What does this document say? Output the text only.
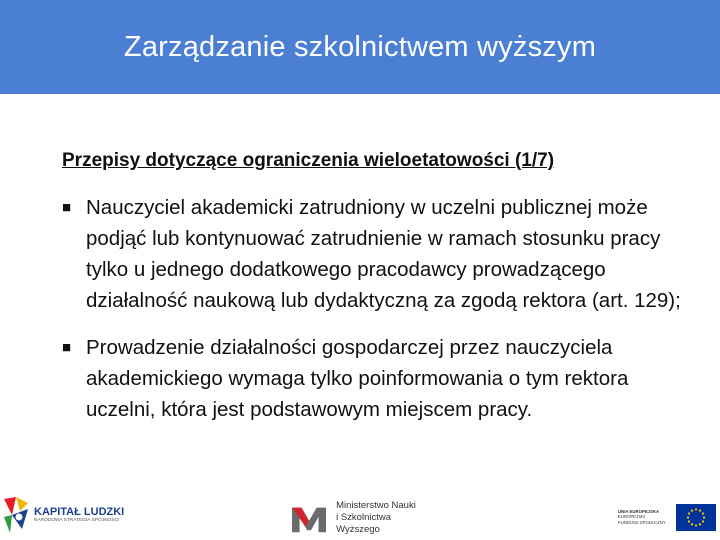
Zarządzanie szkolnictwem wyższym
Przepisy dotyczące ograniczenia wieloetatowości (1/7)
■ Nauczyciel akademicki zatrudniony w uczelni publicznej może podjąć lub kontynuować zatrudnienie w ramach stosunku pracy tylko u jednego dodatkowego pracodawcy prowadzącego działalność naukową lub dydaktyczną za zgodą rektora (art. 129);
■ Prowadzenie działalności gospodarczej przez nauczyciela akademickiego wymaga tylko poinformowania o tym rektora uczelni, która jest podstawowym miejscem pracy.
KAPITAŁ LUDZKI
NARODOWA STRATEGIA SPÓJNOŚCI
Ministerstwo Nauki
i Szkolnictwa Wyższego
UNIA EUROPEJSKA
EUROPEJSKI
FUNDUSZ SPOŁECZNY
